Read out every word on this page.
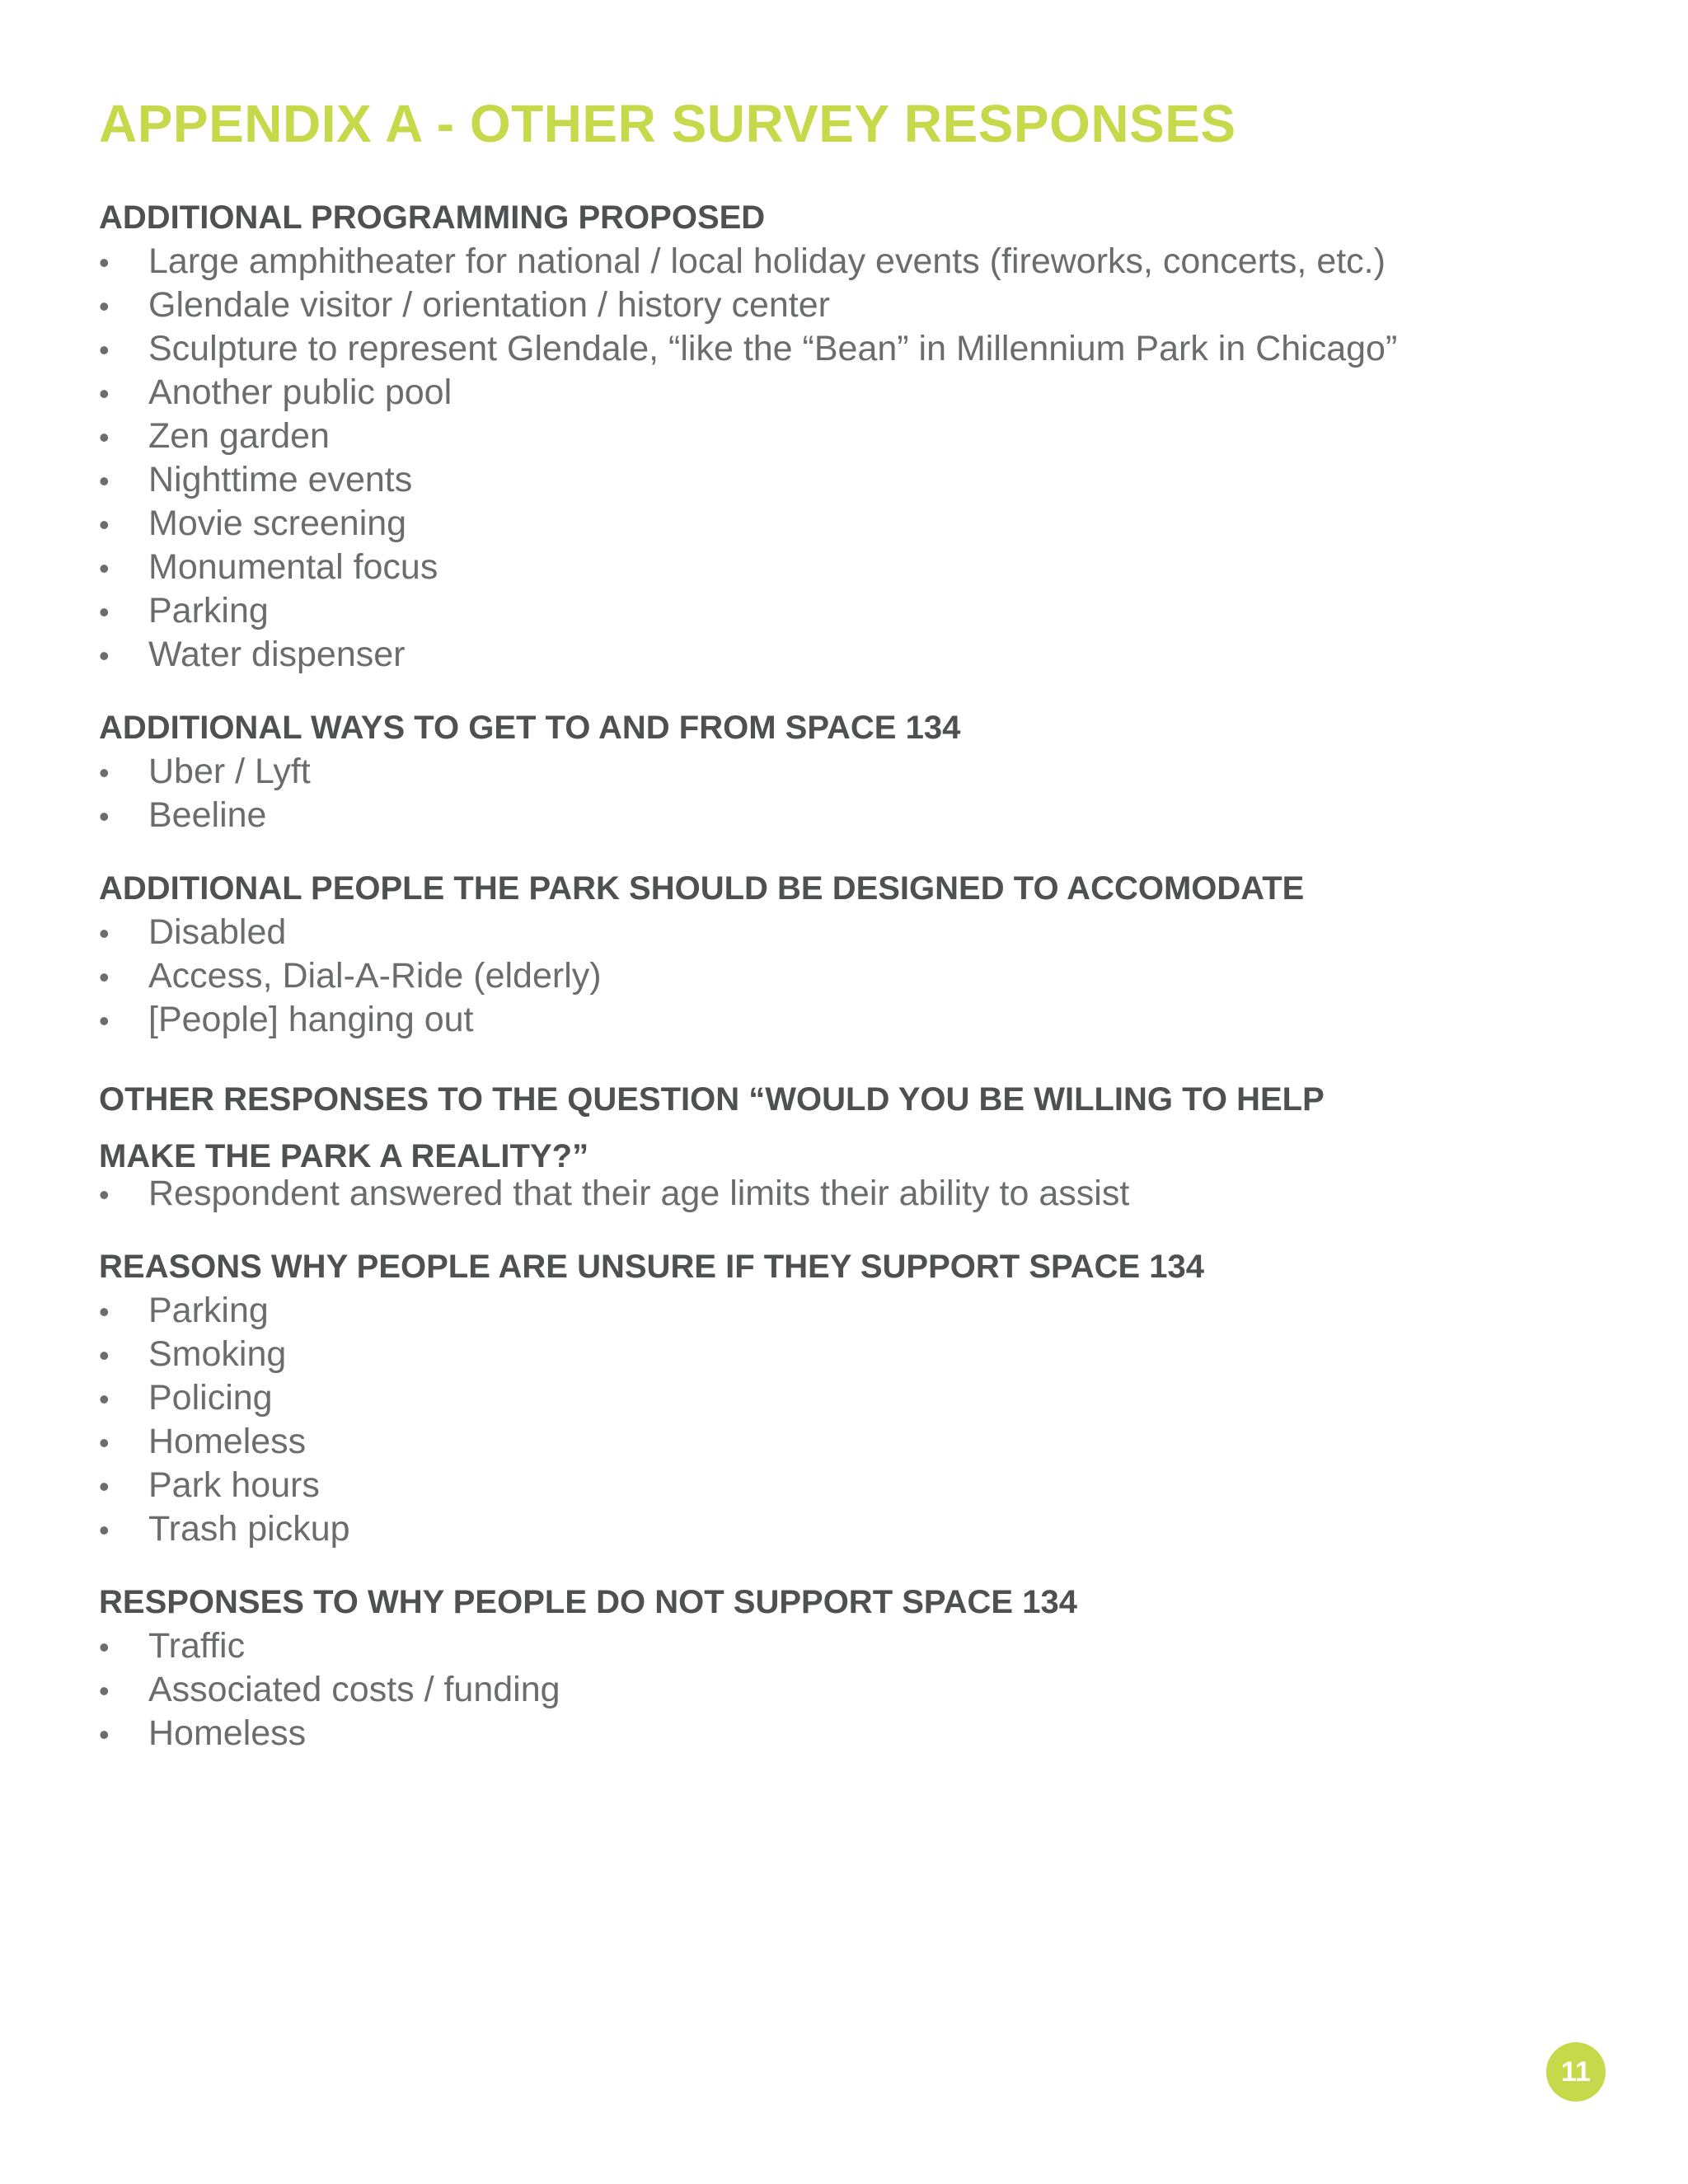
APPENDIX A - OTHER SURVEY RESPONSES
ADDITIONAL PROGRAMMING PROPOSED
•	Large amphitheater for national / local holiday events (fireworks, concerts, etc.)
•	Glendale visitor / orientation / history center
•	Sculpture to represent Glendale, “like the “Bean” in Millennium Park in Chicago”
•	Another public pool
•	Zen garden
•	Nighttime events
•	Movie screening
•	Monumental focus
•	Parking
•	Water dispenser
ADDITIONAL WAYS TO GET TO AND FROM SPACE 134
•	Uber / Lyft
•	Beeline
ADDITIONAL PEOPLE THE PARK SHOULD BE DESIGNED TO ACCOMODATE
•	Disabled
•	Access, Dial-A-Ride (elderly)
•	[People] hanging out
OTHER RESPONSES TO THE QUESTION “WOULD YOU BE WILLING TO HELP
MAKE THE PARK A REALITY?”
•	Respondent answered that their age limits their ability to assist
REASONS WHY PEOPLE ARE UNSURE IF THEY SUPPORT SPACE 134
•	Parking
•	Smoking
•	Policing
•	Homeless
•	Park hours
•	Trash pickup
RESPONSES TO WHY PEOPLE DO NOT SUPPORT SPACE 134
•	Traffic
•	Associated costs / funding
•	Homeless
11
